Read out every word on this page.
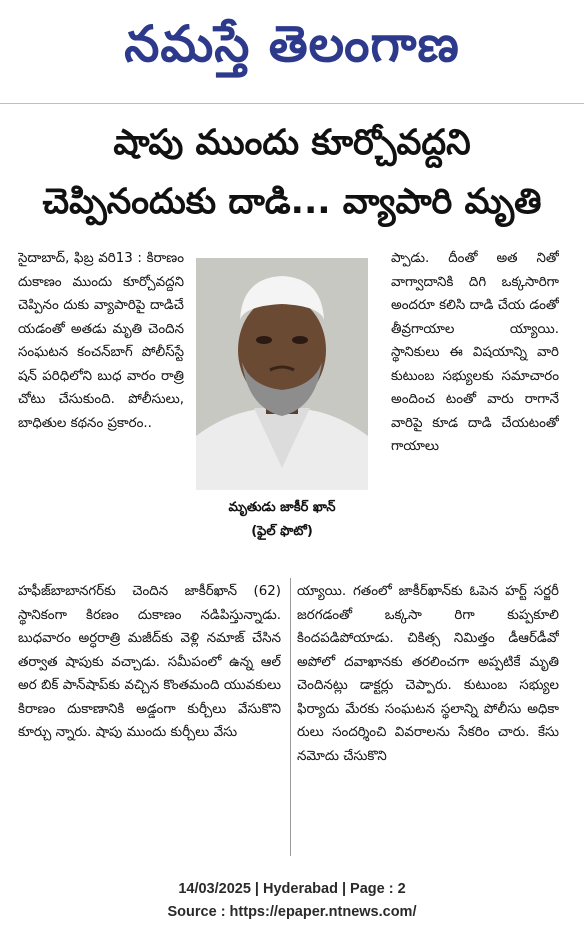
నమస్తే తెలంగాణ
షాపు ముందు కూర్చోవద్దని
చెప్పినందుకు దాడి... వ్యాపారి మృతి

సైదాబాద్, ఫిబ్ర వరి13 : కిరాణం దుకాణం ముందు కూర్చోవద్దని చెప్పినం దుకు వ్యాపారిపై దాడిచే యడంతో అతడు మృతి చెందిన సంఘటన కంచన్‌బాగ్ పోలీస్‌స్టే షన్ పరిధిలోని బుధ వారం రాత్రి చోటు చేసుకుంది. పోలీసులు, బాధితుల కథనం ప్రకారం..

మృతుడు జాకీర్ ఖాన్
(ఫైల్ ఫొటో)

ప్పాడు. దీంతో అత నితో వాగ్వాదానికి దిగి ఒక్కసారిగా అందరూ కలిసి దాడి చేయ డంతో తీవ్రగాయాల య్యాయి. స్థానికులు ఈ విషయాన్ని వారి కుటుంబ సభ్యులకు సమాచారం అందించ టంతో వారు రాగానే వారిపై కూడ దాడి చేయటంతో గాయాలు

హఫీజ్‌బాబానగర్‌కు చెందిన జాకీర్‌ఖాన్ (62) స్థానికంగా కిరణం దుకాణం నడిపిస్తున్నాడు. బుధవారం అర్ధరాత్రి మజీద్‌కు వెళ్లి నమాజ్ చేసిన తర్వాత షాపుకు వచ్చాడు. సమీపంలో ఉన్న ఆల్ అర బిక్ పాన్‌షాప్‌కు వచ్చిన కొంతమంది యువకులు కిరాణం దుకాణానికి అడ్డంగా కుర్చీలు వేసుకొని కూర్చు న్నారు. షాపు ముందు కుర్చీలు వేసు

య్యాయి. గతంలో జాకీర్‌ఖాన్‌కు ఓపెన హర్ట్ సర్జరీ జరగడంతో ఒక్కసా రిగా కుప్పకూలి కిందపడిపోయాడు. చికిత్స నిమిత్తం డీఆర్‌డీవో అపోలో దవాఖానకు తరలించగా అప్పటికే మృతి చెందినట్లు డాక్టర్లు చెప్పారు. కుటుంబ సభ్యుల ఫిర్యాదు మేరకు సంఘటన స్థలాన్ని పోలీసు అధికా రులు సందర్శించి వివరాలను సేకరిం చారు. కేసు నమోదు చేసుకొని

14/03/2025 | Hyderabad | Page : 2
Source : https://epaper.ntnews.com/
